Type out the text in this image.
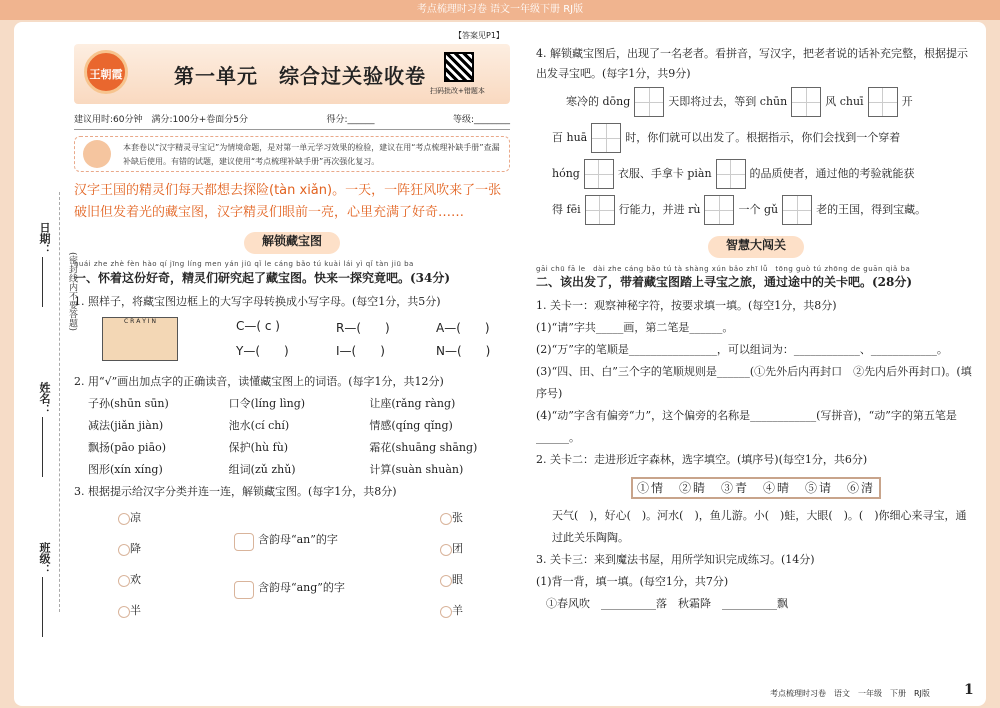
考点梳理时习卷 语文一年级下册 RJ版
日期：
(密封线内不要答题)
姓名：
班级：
【答案见P1】
王朝霞	第一单元　综合过关验收卷
扫码批改+错题本
建议用时:60分钟　满分:100分+卷面分5分	得分:______	等级:________
本套卷以“汉字精灵寻宝记”为情境命题，是对第一单元学习效果的检验，建议在用“考点梳理补缺手册”查漏补缺后使用。有错的试题，建议使用“考点梳理补缺手册”再次强化复习。
汉字王国的精灵们每天都想去探险(tàn xiǎn)。一天，一阵狂风吹来了一张破旧但发着光的藏宝图，汉字精灵们眼前一亮，心里充满了好奇……
解锁藏宝图
huái zhe zhè fèn hào qí jīng líng men yán jiū qǐ le cáng bǎo tú kuài lái yì qǐ tàn jiū ba
一、怀着这份好奇，精灵们研究起了藏宝图。快来一探究竟吧。(34分)
1. 照样子，将藏宝图边框上的大写字母转换成小写字母。(每空1分，共5分)
C R A Y I N	C—( c )	R—(　　)	A—(　　)
Y—(　　)	I—(　　)	N—(　　)
2. 用“√”画出加点字的正确读音，读懂藏宝图上的词语。(每字1分，共12分)
子孙(shūn sūn)	口令(líng lìng)	让座(rǎng ràng)
减法(jiǎn jiàn)	池水(cí chí)	情感(qíng qǐng)
飘扬(pāo piāo)	保护(hù fù)	霜花(shuāng shāng)
图形(xín xíng)	组词(zǔ zhǔ)	计算(suàn shuàn)
3. 根据提示给汉字分类并连一连，解锁藏宝图。(每字1分，共8分)
凉
降
欢
半
含韵母“an”的字
含韵母“ang”的字
张
团
眼
羊
4. 解锁藏宝图后，出现了一名老者。看拼音，写汉字，把老者说的话补充完整，根据提示出发寻宝吧。(每字1分，共9分)
寒冷的 dōng	天即将过去，等到 chūn	风 chuī	开
百 huā	时，你们就可以出发了。根据指示，你们会找到一个穿着
hóng	衣服、手拿卡 piàn	的品质使者，通过他的考验就能获
得 fēi	行能力，并进 rù	一个 gǔ	老的王国，得到宝藏。
智慧大闯关
gāi chū fā le　dài zhe cáng bǎo tú tà shàng xún bǎo zhī lǚ　tōng guò tú zhōng de guān qiǎ ba
二、该出发了，带着藏宝图踏上寻宝之旅，通过途中的关卡吧。(28分)
1. 关卡一：观察神秘字符，按要求填一填。(每空1分，共8分)
(1)“请”字共_____画，第二笔是______。
(2)“万”字的笔顺是________________，可以组词为：____________、____________。
(3)“四、田、白”三个字的笔顺规则是______(①先外后内再封口　②先内后外再封口)。(填序号)
(4)“动”字含有偏旁“力”，这个偏旁的名称是____________(写拼音)，“动”字的第五笔是______。
2. 关卡二：走进形近字森林，选字填空。(填序号)(每空1分，共6分)
①情　②睛　③青　④晴　⑤请　⑥清
天气(　)，好心(　)。河水(　)，鱼儿游。小(　)蛙，大眼(　)。(　)你细心来寻宝，通过此关乐陶陶。
3. 关卡三：来到魔法书屋，用所学知识完成练习。(14分)
(1)背一背，填一填。(每空1分，共7分)
①春风吹　__________落　秋霜降　__________飘
考点梳理时习卷　语文　一年级　下册　RJ版 1
